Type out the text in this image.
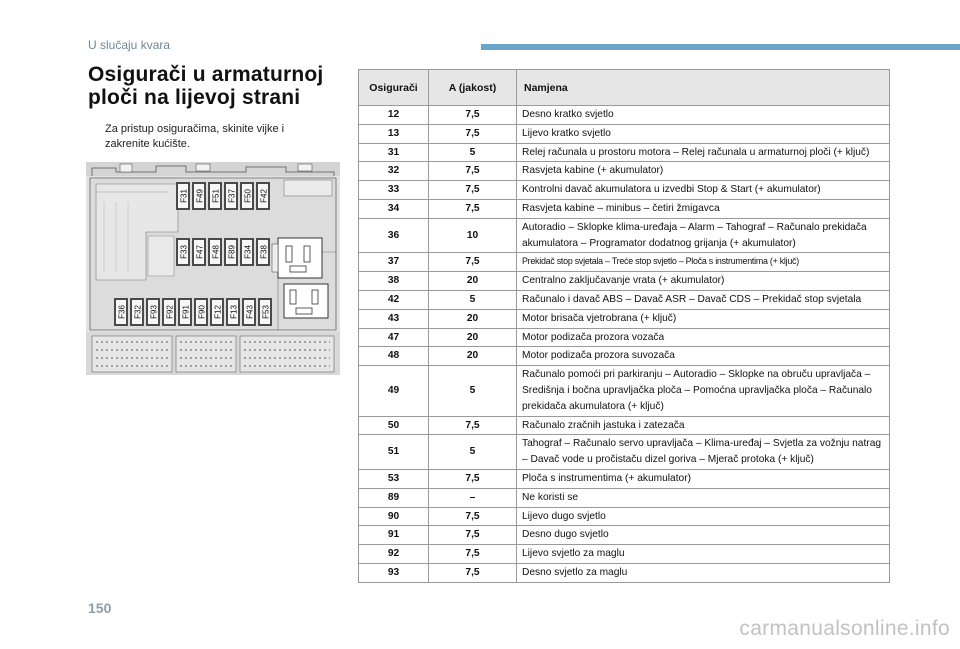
U slučaju kvara
Osigurači u armaturnoj ploči na lijevoj strani
Za pristup osiguračima, skinite vijke i zakrenite kućište.
F31 F49 F51 F37 F50 F42
F33 F47 F48 F89 F34 F38
F36 F32 F93 F92 F91 F90 F12 F13 F43 F53
Osigurači	A (jakost)	Namjena
12	7,5	Desno kratko svjetlo
13	7,5	Lijevo kratko svjetlo
31	5	Relej računala u prostoru motora – Relej računala u armaturnoj ploči (+ ključ)
32	7,5	Rasvjeta kabine (+ akumulator)
33	7,5	Kontrolni davač akumulatora u izvedbi Stop & Start (+ akumulator)
34	7,5	Rasvjeta kabine – minibus – četiri žmigavca
36	10	Autoradio – Sklopke klima-uređaja – Alarm – Tahograf – Računalo prekidača akumulatora – Programator dodatnog grijanja (+ akumulator)
37	7,5	Prekidač stop svjetala – Treće stop svjetlo – Ploča s instrumentima (+ ključ)
38	20	Centralno zaključavanje vrata (+ akumulator)
42	5	Računalo i davač ABS – Davač ASR – Davač CDS – Prekidač stop svjetala
43	20	Motor brisača vjetrobrana (+ ključ)
47	20	Motor podizača prozora vozača
48	20	Motor podizača prozora suvozača
49	5	Računalo pomoći pri parkiranju – Autoradio – Sklopke na obruču upravljača – Središnja i bočna upravljačka ploča – Pomoćna upravljačka ploča – Računalo prekidača akumulatora (+ ključ)
50	7,5	Računalo zračnih jastuka i zatezača
51	5	Tahograf – Računalo servo upravljača – Klima-uređaj – Svjetla za vožnju natrag – Davač vode u pročistaču dizel goriva – Mjerač protoka (+ ključ)
53	7,5	Ploča s instrumentima (+ akumulator)
89	–	Ne koristi se
90	7,5	Lijevo dugo svjetlo
91	7,5	Desno dugo svjetlo
92	7,5	Lijevo svjetlo za maglu
93	7,5	Desno svjetlo za maglu
150
carmanualsonline.info
